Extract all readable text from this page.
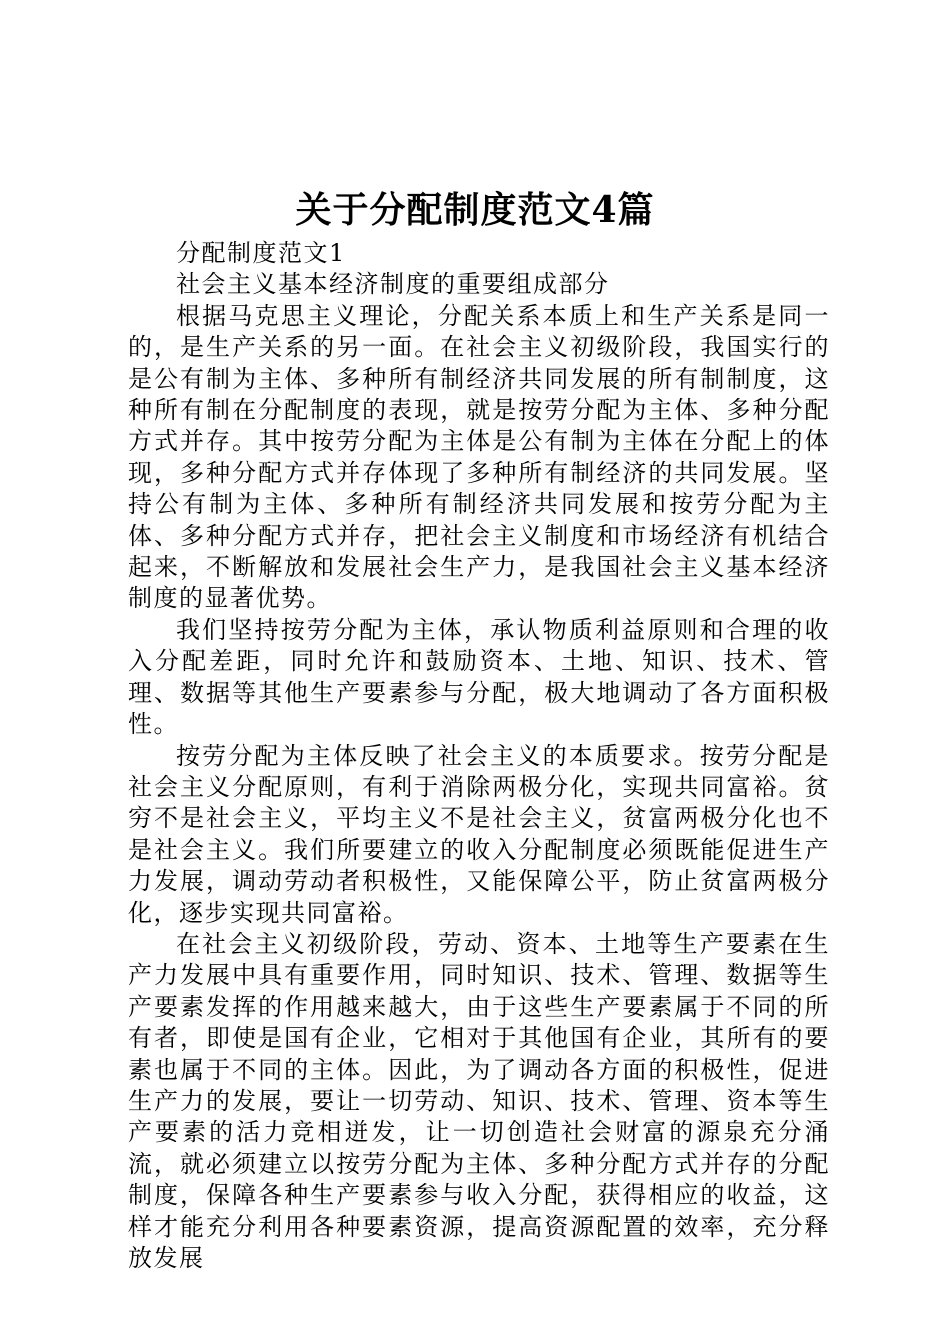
关于分配制度范文4篇

分配制度范文1

社会主义基本经济制度的重要组成部分

根据马克思主义理论，分配关系本质上和生产关系是同一的，是生产关系的另一面。在社会主义初级阶段，我国实行的是公有制为主体、多种所有制经济共同发展的所有制制度，这种所有制在分配制度的表现，就是按劳分配为主体、多种分配方式并存。其中按劳分配为主体是公有制为主体在分配上的体现，多种分配方式并存体现了多种所有制经济的共同发展。坚持公有制为主体、多种所有制经济共同发展和按劳分配为主体、多种分配方式并存，把社会主义制度和市场经济有机结合起来，不断解放和发展社会生产力，是我国社会主义基本经济制度的显著优势。

我们坚持按劳分配为主体，承认物质利益原则和合理的收入分配差距，同时允许和鼓励资本、土地、知识、技术、管理、数据等其他生产要素参与分配，极大地调动了各方面积极性。

按劳分配为主体反映了社会主义的本质要求。按劳分配是社会主义分配原则，有利于消除两极分化，实现共同富裕。贫穷不是社会主义，平均主义不是社会主义，贫富两极分化也不是社会主义。我们所要建立的收入分配制度必须既能促进生产力发展，调动劳动者积极性，又能保障公平，防止贫富两极分化，逐步实现共同富裕。

在社会主义初级阶段，劳动、资本、土地等生产要素在生产力发展中具有重要作用，同时知识、技术、管理、数据等生产要素发挥的作用越来越大，由于这些生产要素属于不同的所有者，即使是国有企业，它相对于其他国有企业，其所有的要素也属于不同的主体。因此，为了调动各方面的积极性，促进生产力的发展，要让一切劳动、知识、技术、管理、资本等生产要素的活力竞相迸发，让一切创造社会财富的源泉充分涌流，就必须建立以按劳分配为主体、多种分配方式并存的分配制度，保障各种生产要素参与收入分配，获得相应的收益，这样才能充分利用各种要素资源，提高资源配置的效率，充分释放发展
